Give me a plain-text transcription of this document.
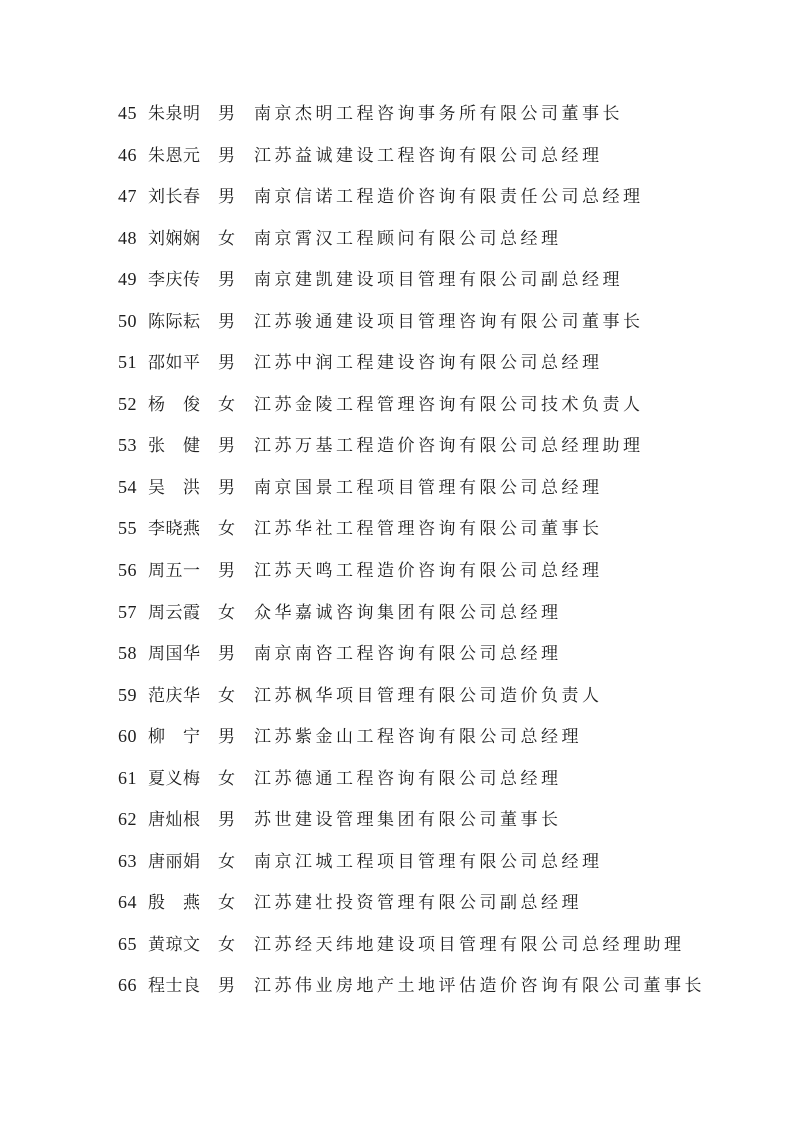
45 朱泉明	男	南京杰明工程咨询事务所有限公司董事长
46 朱恩元	男	江苏益诚建设工程咨询有限公司总经理
47 刘长春	男	南京信诺工程造价咨询有限责任公司总经理
48 刘娴娴	女	南京霄汉工程顾问有限公司总经理
49 李庆传	男	南京建凯建设项目管理有限公司副总经理
50 陈际耘	男	江苏骏通建设项目管理咨询有限公司董事长
51 邵如平	男	江苏中润工程建设咨询有限公司总经理
52 杨　俊	女	江苏金陵工程管理咨询有限公司技术负责人
53 张　健	男	江苏万基工程造价咨询有限公司总经理助理
54 吴　洪	男	南京国景工程项目管理有限公司总经理
55 李晓燕	女	江苏华社工程管理咨询有限公司董事长
56 周五一	男	江苏天鸣工程造价咨询有限公司总经理
57 周云霞	女	众华嘉诚咨询集团有限公司总经理
58 周国华	男	南京南咨工程咨询有限公司总经理
59 范庆华	女	江苏枫华项目管理有限公司造价负责人
60 柳　宁	男	江苏紫金山工程咨询有限公司总经理
61 夏义梅	女	江苏德通工程咨询有限公司总经理
62 唐灿根	男	苏世建设管理集团有限公司董事长
63 唐丽娟	女	南京江城工程项目管理有限公司总经理
64 殷　燕	女	江苏建壮投资管理有限公司副总经理
65 黄琼文	女	江苏经天纬地建设项目管理有限公司总经理助理
66 程士良	男	江苏伟业房地产土地评估造价咨询有限公司董事长
